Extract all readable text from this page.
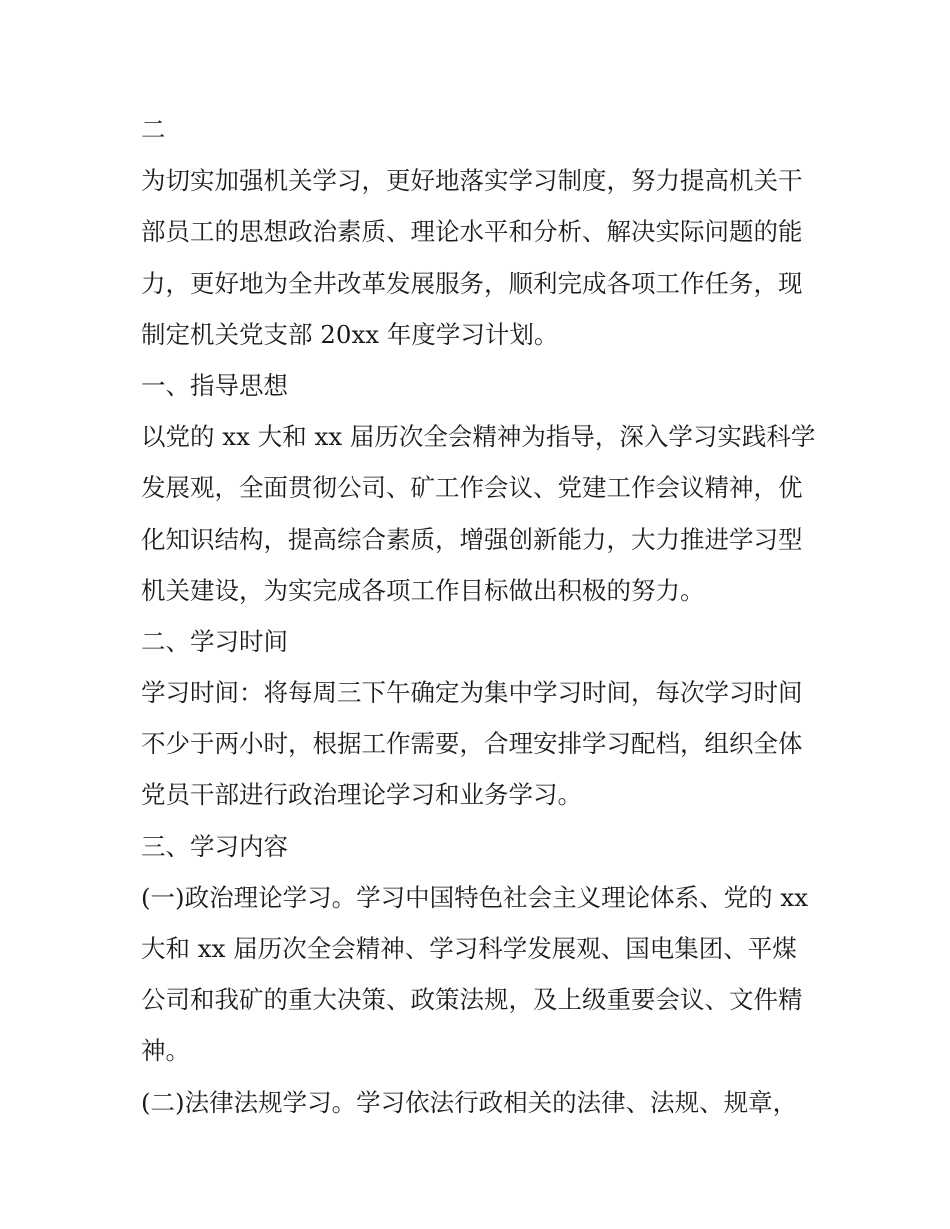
二
为切实加强机关学习，更好地落实学习制度，努力提高机关干
部员工的思想政治素质、理论水平和分析、解决实际问题的能
力，更好地为全井改革发展服务，顺利完成各项工作任务，现
制定机关党支部 20xx 年度学习计划。
一、指导思想
以党的 xx 大和 xx 届历次全会精神为指导，深入学习实践科学
发展观，全面贯彻公司、矿工作会议、党建工作会议精神，优
化知识结构，提高综合素质，增强创新能力，大力推进学习型
机关建设，为实完成各项工作目标做出积极的努力。
二、学习时间
学习时间：将每周三下午确定为集中学习时间，每次学习时间
不少于两小时，根据工作需要，合理安排学习配档，组织全体
党员干部进行政治理论学习和业务学习。
三、学习内容
(一)政治理论学习。学习中国特色社会主义理论体系、党的 xx
大和 xx 届历次全会精神、学习科学发展观、国电集团、平煤
公司和我矿的重大决策、政策法规，及上级重要会议、文件精
神。
(二)法律法规学习。学习依法行政相关的法律、法规、规章，
